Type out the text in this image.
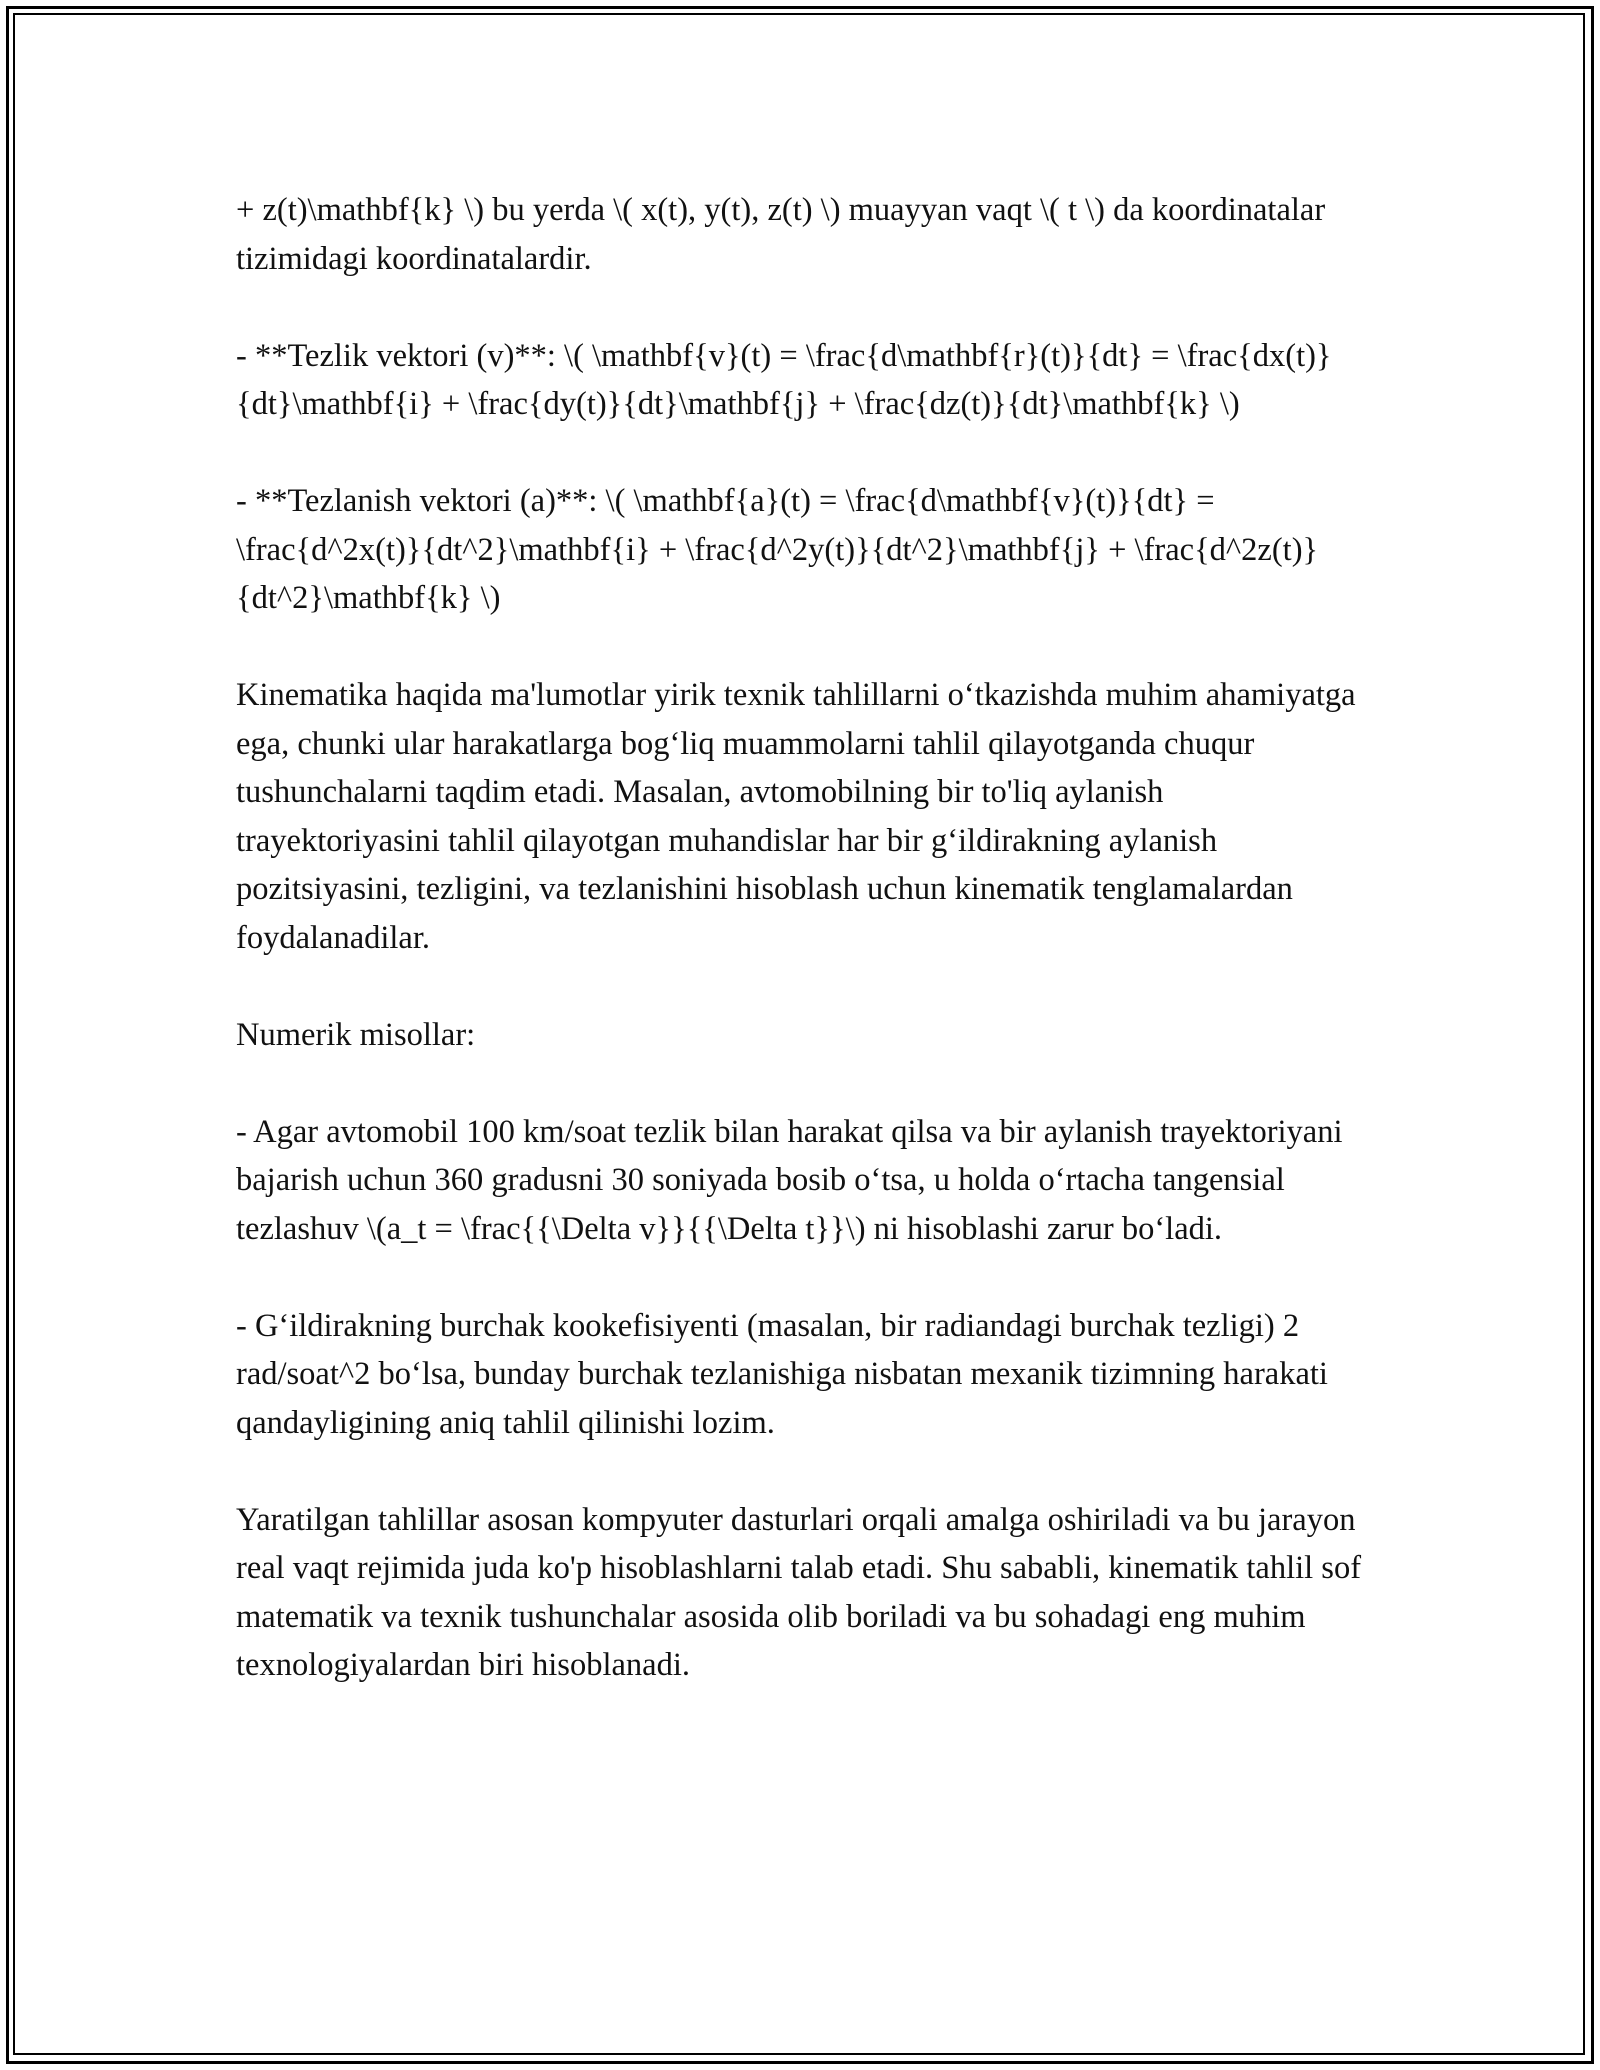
+ z(t)\mathbf{k} \) bu yerda \( x(t), y(t), z(t) \) muayyan vaqt \( t \) da koordinatalar tizimidagi koordinatalardir.

- **Tezlik vektori (v)**: \( \mathbf{v}(t) = \frac{d\mathbf{r}(t)}{dt} = \frac{dx(t)}{dt}\mathbf{i} + \frac{dy(t)}{dt}\mathbf{j} + \frac{dz(t)}{dt}\mathbf{k} \)

- **Tezlanish vektori (a)**: \( \mathbf{a}(t) = \frac{d\mathbf{v}(t)}{dt} = \frac{d^2x(t)}{dt^2}\mathbf{i} + \frac{d^2y(t)}{dt^2}\mathbf{j} + \frac{d^2z(t)}{dt^2}\mathbf{k} \)

Kinematika haqida ma'lumotlar yirik texnik tahlillarni o‘tkazishda muhim ahamiyatga ega, chunki ular harakatlarga bog‘liq muammolarni tahlil qilayotganda chuqur tushunchalarni taqdim etadi. Masalan, avtomobilning bir to'liq aylanish trayektoriyasini tahlil qilayotgan muhandislar har bir g‘ildirakning aylanish pozitsiyasini, tezligini, va tezlanishini hisoblash uchun kinematik tenglamalardan foydalanadilar.

Numerik misollar:

- Agar avtomobil 100 km/soat tezlik bilan harakat qilsa va bir aylanish trayektoriyani bajarish uchun 360 gradusni 30 soniyada bosib o‘tsa, u holda o‘rtacha tangensial tezlashuv \(a_t = \frac{{\Delta v}}{{\Delta t}}\) ni hisoblashi zarur bo‘ladi.

- G‘ildirakning burchak kookefisiyenti (masalan, bir radiandagi burchak tezligi) 2 rad/soat^2 bo‘lsa, bunday burchak tezlanishiga nisbatan mexanik tizimning harakati qandayligining aniq tahlil qilinishi lozim.

Yaratilgan tahlillar asosan kompyuter dasturlari orqali amalga oshiriladi va bu jarayon real vaqt rejimida juda ko'p hisoblashlarni talab etadi. Shu sababli, kinematik tahlil sof matematik va texnik tushunchalar asosida olib boriladi va bu sohadagi eng muhim texnologiyalardan biri hisoblanadi.
